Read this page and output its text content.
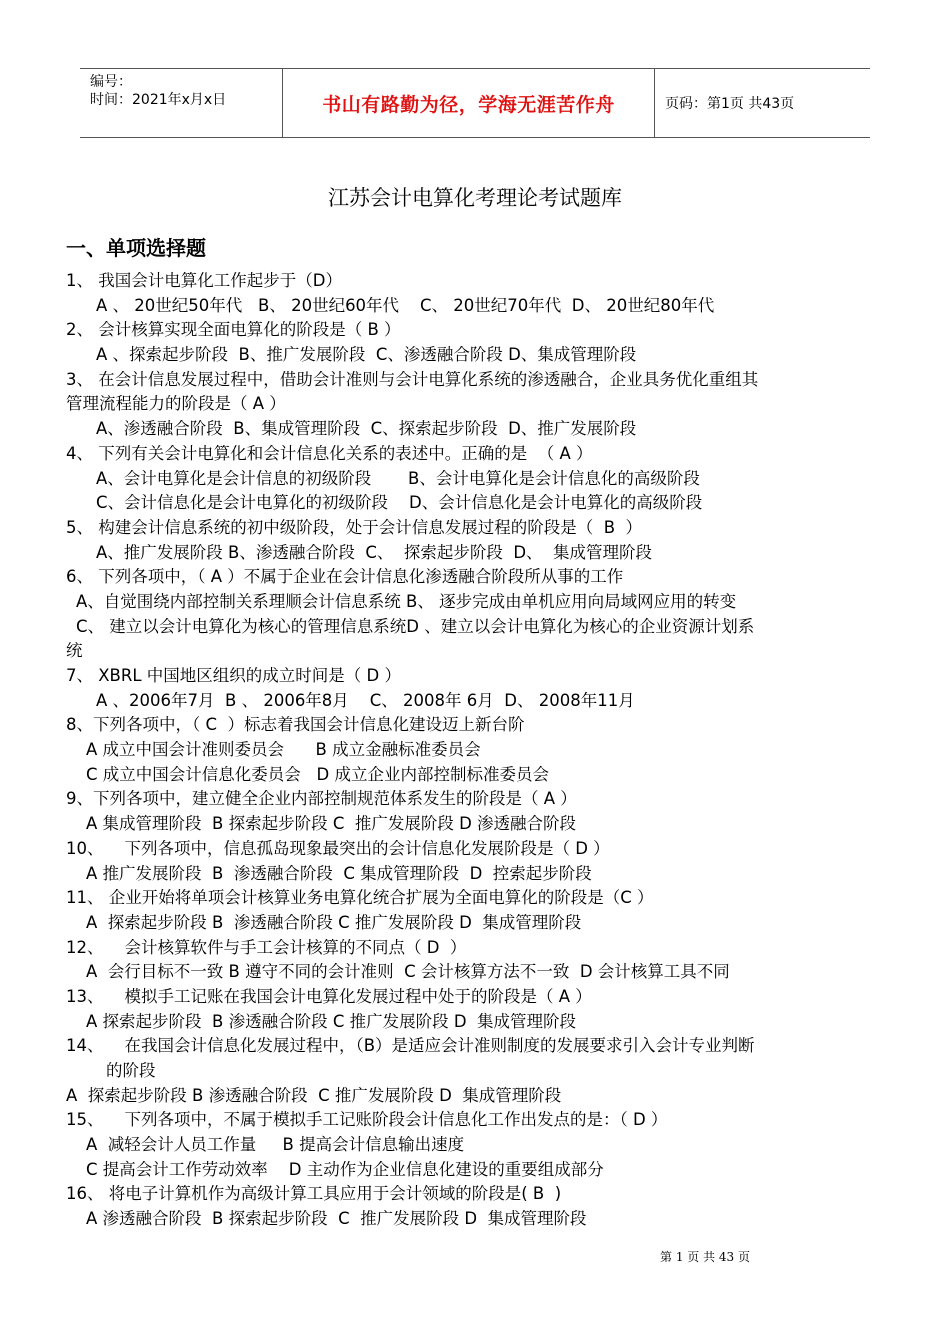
编号：
时间：2021年x月x日	书山有路勤为径，学海无涯苦作舟	页码：第1页 共43页
江苏会计电算化考理论考试题库
一、单项选择题
1、 我国会计电算化工作起步于（D）
A 、 20世纪50年代   B、 20世纪60年代    C、 20世纪70年代  D、 20世纪80年代
2、 会计核算实现全面电算化的阶段是（ B ）
A 、探索起步阶段  B、推广发展阶段  C、渗透融合阶段 D、集成管理阶段
3、 在会计信息发展过程中，借助会计准则与会计电算化系统的渗透融合，企业具务优化重组其
管理流程能力的阶段是（ A ）
A、渗透融合阶段  B、集成管理阶段  C、探索起步阶段  D、推广发展阶段
4、 下列有关会计电算化和会计信息化关系的表述中。正确的是  （ A ）
A、会计电算化是会计信息的初级阶段       B、会计电算化是会计信息化的高级阶段
C、会计信息化是会计电算化的初级阶段    D、会计信息化是会计电算化的高级阶段
5、 构建会计信息系统的初中级阶段，处于会计信息发展过程的阶段是（  B  ）
A、推广发展阶段 B、渗透融合阶段  C、  探索起步阶段  D、  集成管理阶段
6、 下列各项中，（ A ）不属于企业在会计信息化渗透融合阶段所从事的工作
A、自觉围绕内部控制关系理顺会计信息系统 B、 逐步完成由单机应用向局域网应用的转变
C、 建立以会计电算化为核心的管理信息系统D 、建立以会计电算化为核心的企业资源计划系
统
7、 XBRL 中国地区组织的成立时间是（ D ）
A 、2006年7月  B 、 2006年8月    C、 2008年 6月  D、 2008年11月
8、下列各项中，（ C  ）标志着我国会计信息化建设迈上新台阶
A 成立中国会计准则委员会      B 成立金融标准委员会
C 成立中国会计信息化委员会   D 成立企业内部控制标准委员会
9、下列各项中，建立健全企业内部控制规范体系发生的阶段是（ A ）
A 集成管理阶段  B 探索起步阶段 C  推广发展阶段 D 渗透融合阶段
10、    下列各项中，信息孤岛现象最突出的会计信息化发展阶段是（ D ）
A 推广发展阶段  B  渗透融合阶段  C 集成管理阶段  D  控索起步阶段
11、 企业开始将单项会计核算业务电算化统合扩展为全面电算化的阶段是（C ）
A  探索起步阶段 B  渗透融合阶段 C 推广发展阶段 D  集成管理阶段
12、    会计核算软件与手工会计核算的不同点（ D  ）
A  会行目标不一致 B 遵守不同的会计准则  C 会计核算方法不一致  D 会计核算工具不同
13、    模拟手工记账在我国会计电算化发展过程中处于的阶段是（ A ）
A 探索起步阶段  B 渗透融合阶段 C 推广发展阶段 D  集成管理阶段
14、    在我国会计信息化发展过程中，（B）是适应会计准则制度的发展要求引入会计专业判断
的阶段
A  探索起步阶段 B 渗透融合阶段  C 推广发展阶段 D  集成管理阶段
15、    下列各项中，不属于模拟手工记账阶段会计信息化工作出发点的是：（ D ）
A  减轻会计人员工作量     B 提高会计信息输出速度
C 提高会计工作劳动效率    D 主动作为企业信息化建设的重要组成部分
16、 将电子计算机作为高级计算工具应用于会计领域的阶段是( B  )
A 渗透融合阶段  B 探索起步阶段  C  推广发展阶段 D  集成管理阶段
第 1 页 共 43 页
